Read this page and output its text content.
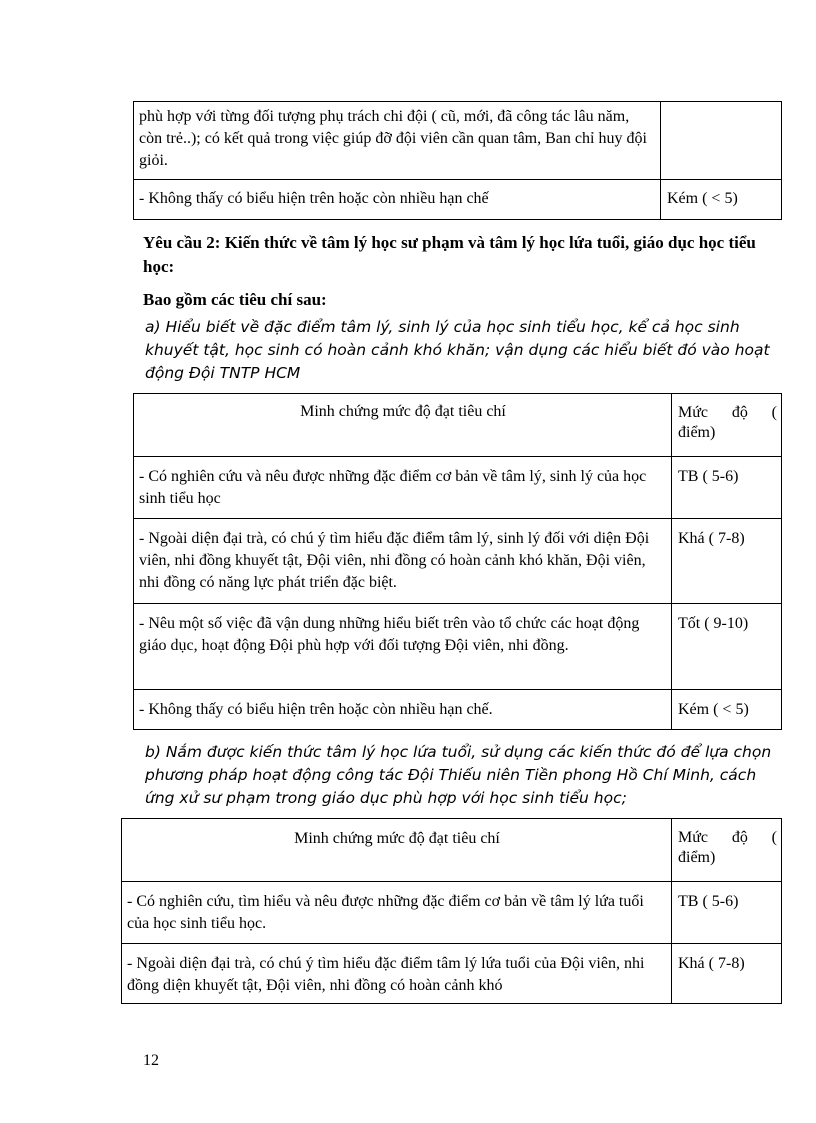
phù hợp với từng đối tượng phụ trách chi đội ( cũ, mới, đã công tác lâu năm, còn trẻ..); có kết quả trong việc giúp đỡ đội viên cần quan tâm, Ban chỉ huy đội giỏi.	
- Không thấy có biểu hiện trên hoặc còn nhiều hạn chế	Kém ( < 5)

Yêu cầu 2: Kiến thức về tâm lý học sư phạm và tâm lý học lứa tuổi, giáo dục học tiểu học:

Bao gồm các tiêu chí sau:

a) Hiểu biết về đặc điểm tâm lý, sinh lý của học sinh tiểu học, kể cả học sinh khuyết tật, học sinh có hoàn cảnh khó khăn; vận dụng các hiểu biết đó vào hoạt động Đội TNTP HCM

Minh chứng mức độ đạt tiêu chí	Mức độ (
điểm)

- Có nghiên cứu và nêu được những đặc điểm cơ bản về tâm lý, sinh lý của học sinh tiểu học	TB ( 5-6)
- Ngoài diện đại trà, có chú ý tìm hiểu đặc điểm tâm lý, sinh lý đối với diện Đội viên, nhi đồng khuyết tật, Đội viên, nhi đồng có hoàn cảnh khó khăn, Đội viên, nhi đồng có năng lực phát triển đặc biệt.	Khá ( 7-8)
- Nêu một số việc đã vận dung những hiểu biết trên vào tổ chức các hoạt động giáo dục, hoạt động Đội phù hợp với đối tượng Đội viên, nhi đồng.	Tốt ( 9-10)
- Không thấy có biểu hiện trên hoặc còn nhiều hạn chế.	Kém ( < 5)

b) Nắm được kiến thức tâm lý học lứa tuổi, sử dụng các kiến thức đó để lựa chọn phương pháp hoạt động công tác Đội Thiếu niên Tiền phong Hồ Chí Minh, cách ứng xử sư phạm trong giáo dục phù hợp với học sinh tiểu học;

Minh chứng mức độ đạt tiêu chí	Mức độ (
điểm)

- Có nghiên cứu, tìm hiểu và nêu được những đặc điểm cơ bản về tâm lý lứa tuổi của học sinh tiểu học.	TB ( 5-6)
- Ngoài diện đại trà, có chú ý tìm hiểu đặc điểm tâm lý lứa tuổi của Đội viên, nhi đồng diện khuyết tật, Đội viên, nhi đồng có hoàn cảnh khó	Khá ( 7-8)
12
